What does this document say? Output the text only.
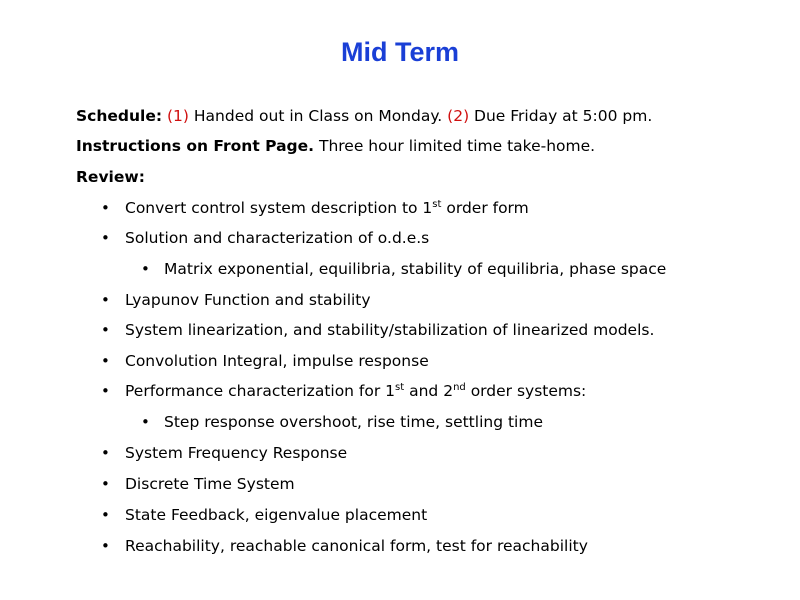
Mid Term
Schedule: (1) Handed out in Class on Monday. (2) Due Friday at 5:00 pm.
Instructions on Front Page. Three hour limited time take-home.
Review:
• Convert control system description to 1st order form
• Solution and characterization of o.d.e.s
• Matrix exponential, equilibria, stability of equilibria, phase space
• Lyapunov Function and stability
• System linearization, and stability/stabilization of linearized models.
• Convolution Integral, impulse response
• Performance characterization for 1st and 2nd order systems:
• Step response overshoot, rise time, settling time
• System Frequency Response
• Discrete Time System
• State Feedback, eigenvalue placement
• Reachability, reachable canonical form, test for reachability
